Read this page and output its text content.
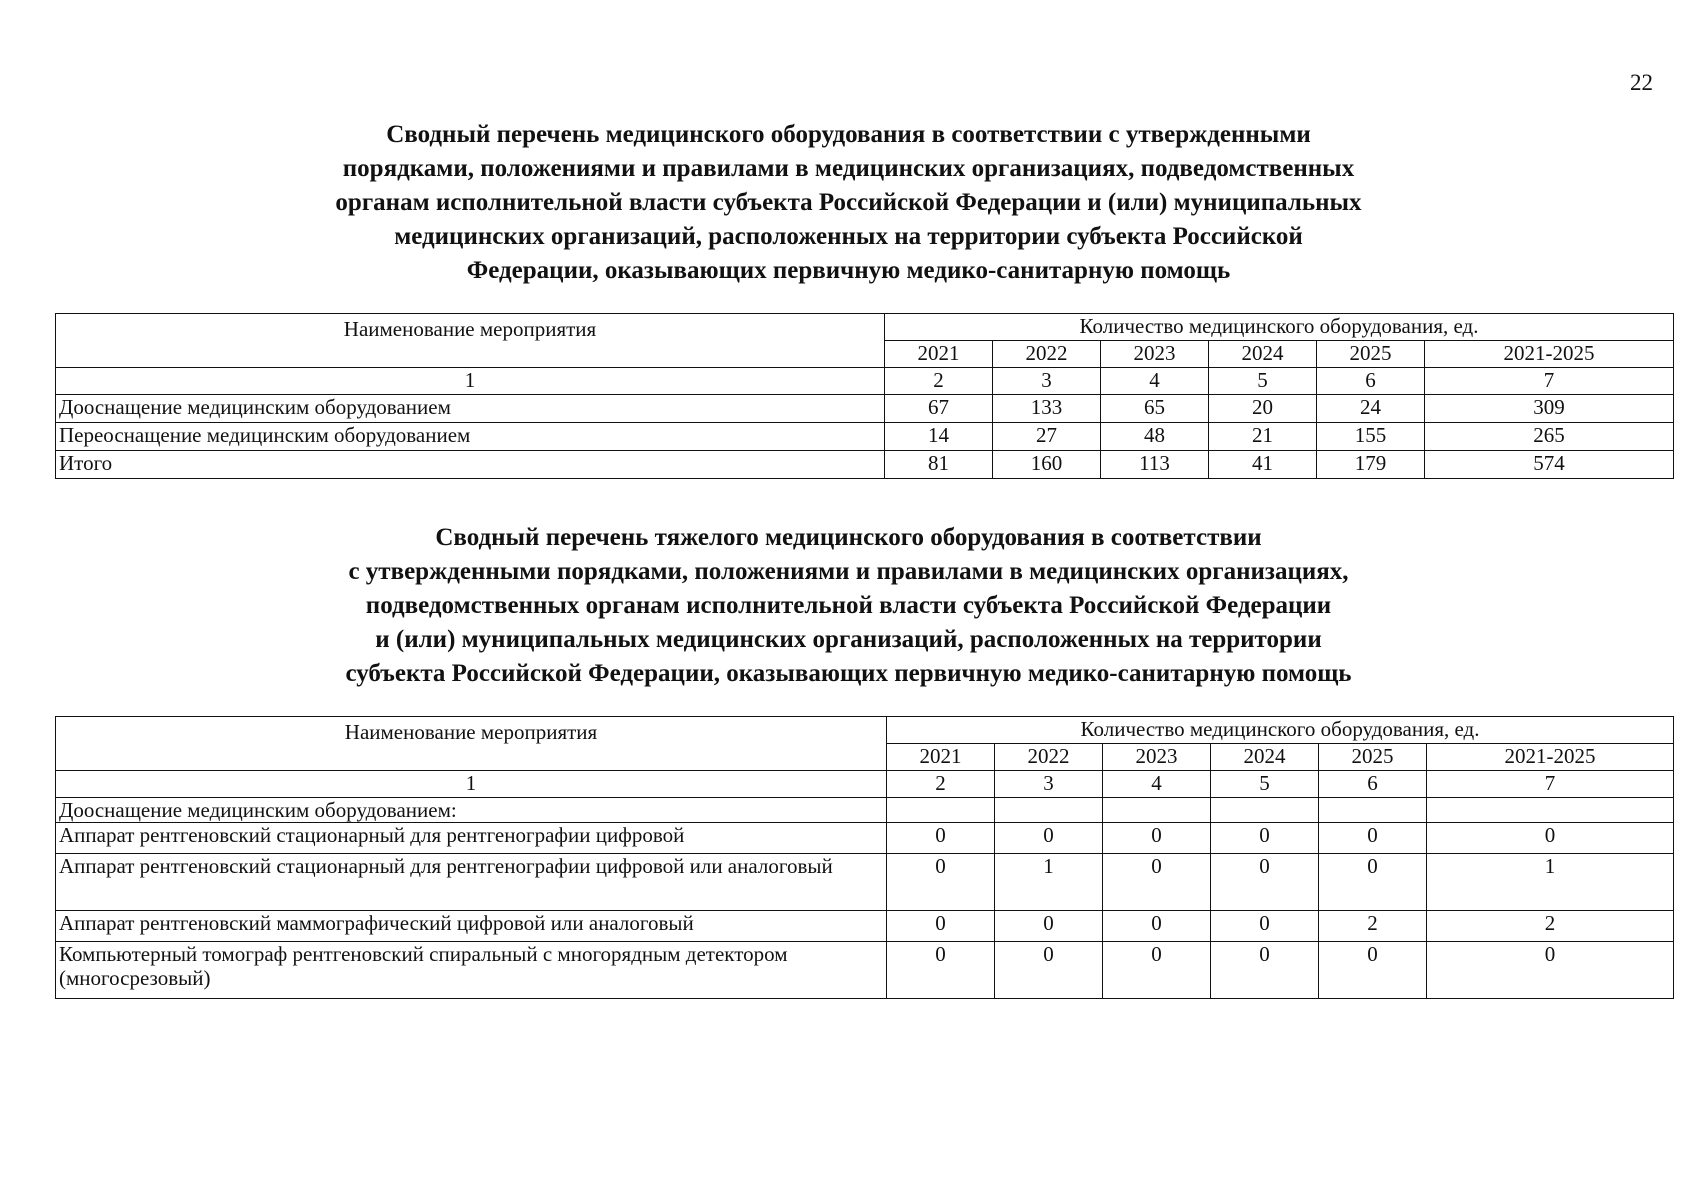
22
Сводный перечень медицинского оборудования в соответствии с утвержденными
порядками, положениями и правилами в медицинских организациях, подведомственных
органам исполнительной власти субъекта Российской Федерации и (или) муниципальных
медицинских организаций, расположенных на территории субъекта Российской
Федерации, оказывающих первичную медико-санитарную помощь
Наименование мероприятия	Количество медицинского оборудования, ед.					
	2021	2022	2023	2024	2025	2021-2025
1	2	3	4	5	6	7
Дооснащение медицинским оборудованием	67	133	65	20	24	309
Переоснащение медицинским оборудованием	14	27	48	21	155	265
Итого	81	160	113	41	179	574
Сводный перечень тяжелого медицинского оборудования в соответствии
с утвержденными порядками, положениями и правилами в медицинских организациях,
подведомственных органам исполнительной власти субъекта Российской Федерации
и (или) муниципальных медицинских организаций, расположенных на территории
субъекта Российской Федерации, оказывающих первичную медико-санитарную помощь
Наименование мероприятия	Количество медицинского оборудования, ед.					
	2021	2022	2023	2024	2025	2021-2025
1	2	3	4	5	6	7
Дооснащение медицинским оборудованием:						
Аппарат рентгеновский стационарный для рентгенографии цифровой	0	0	0	0	0	0
Аппарат рентгеновский стационарный для рентгенографии цифровой или аналоговый	0	1	0	0	0	1
Аппарат рентгеновский маммографический цифровой или аналоговый	0	0	0	0	2	2
Компьютерный томограф рентгеновский спиральный с многорядным детектором (многосрезовый)	0	0	0	0	0	0
